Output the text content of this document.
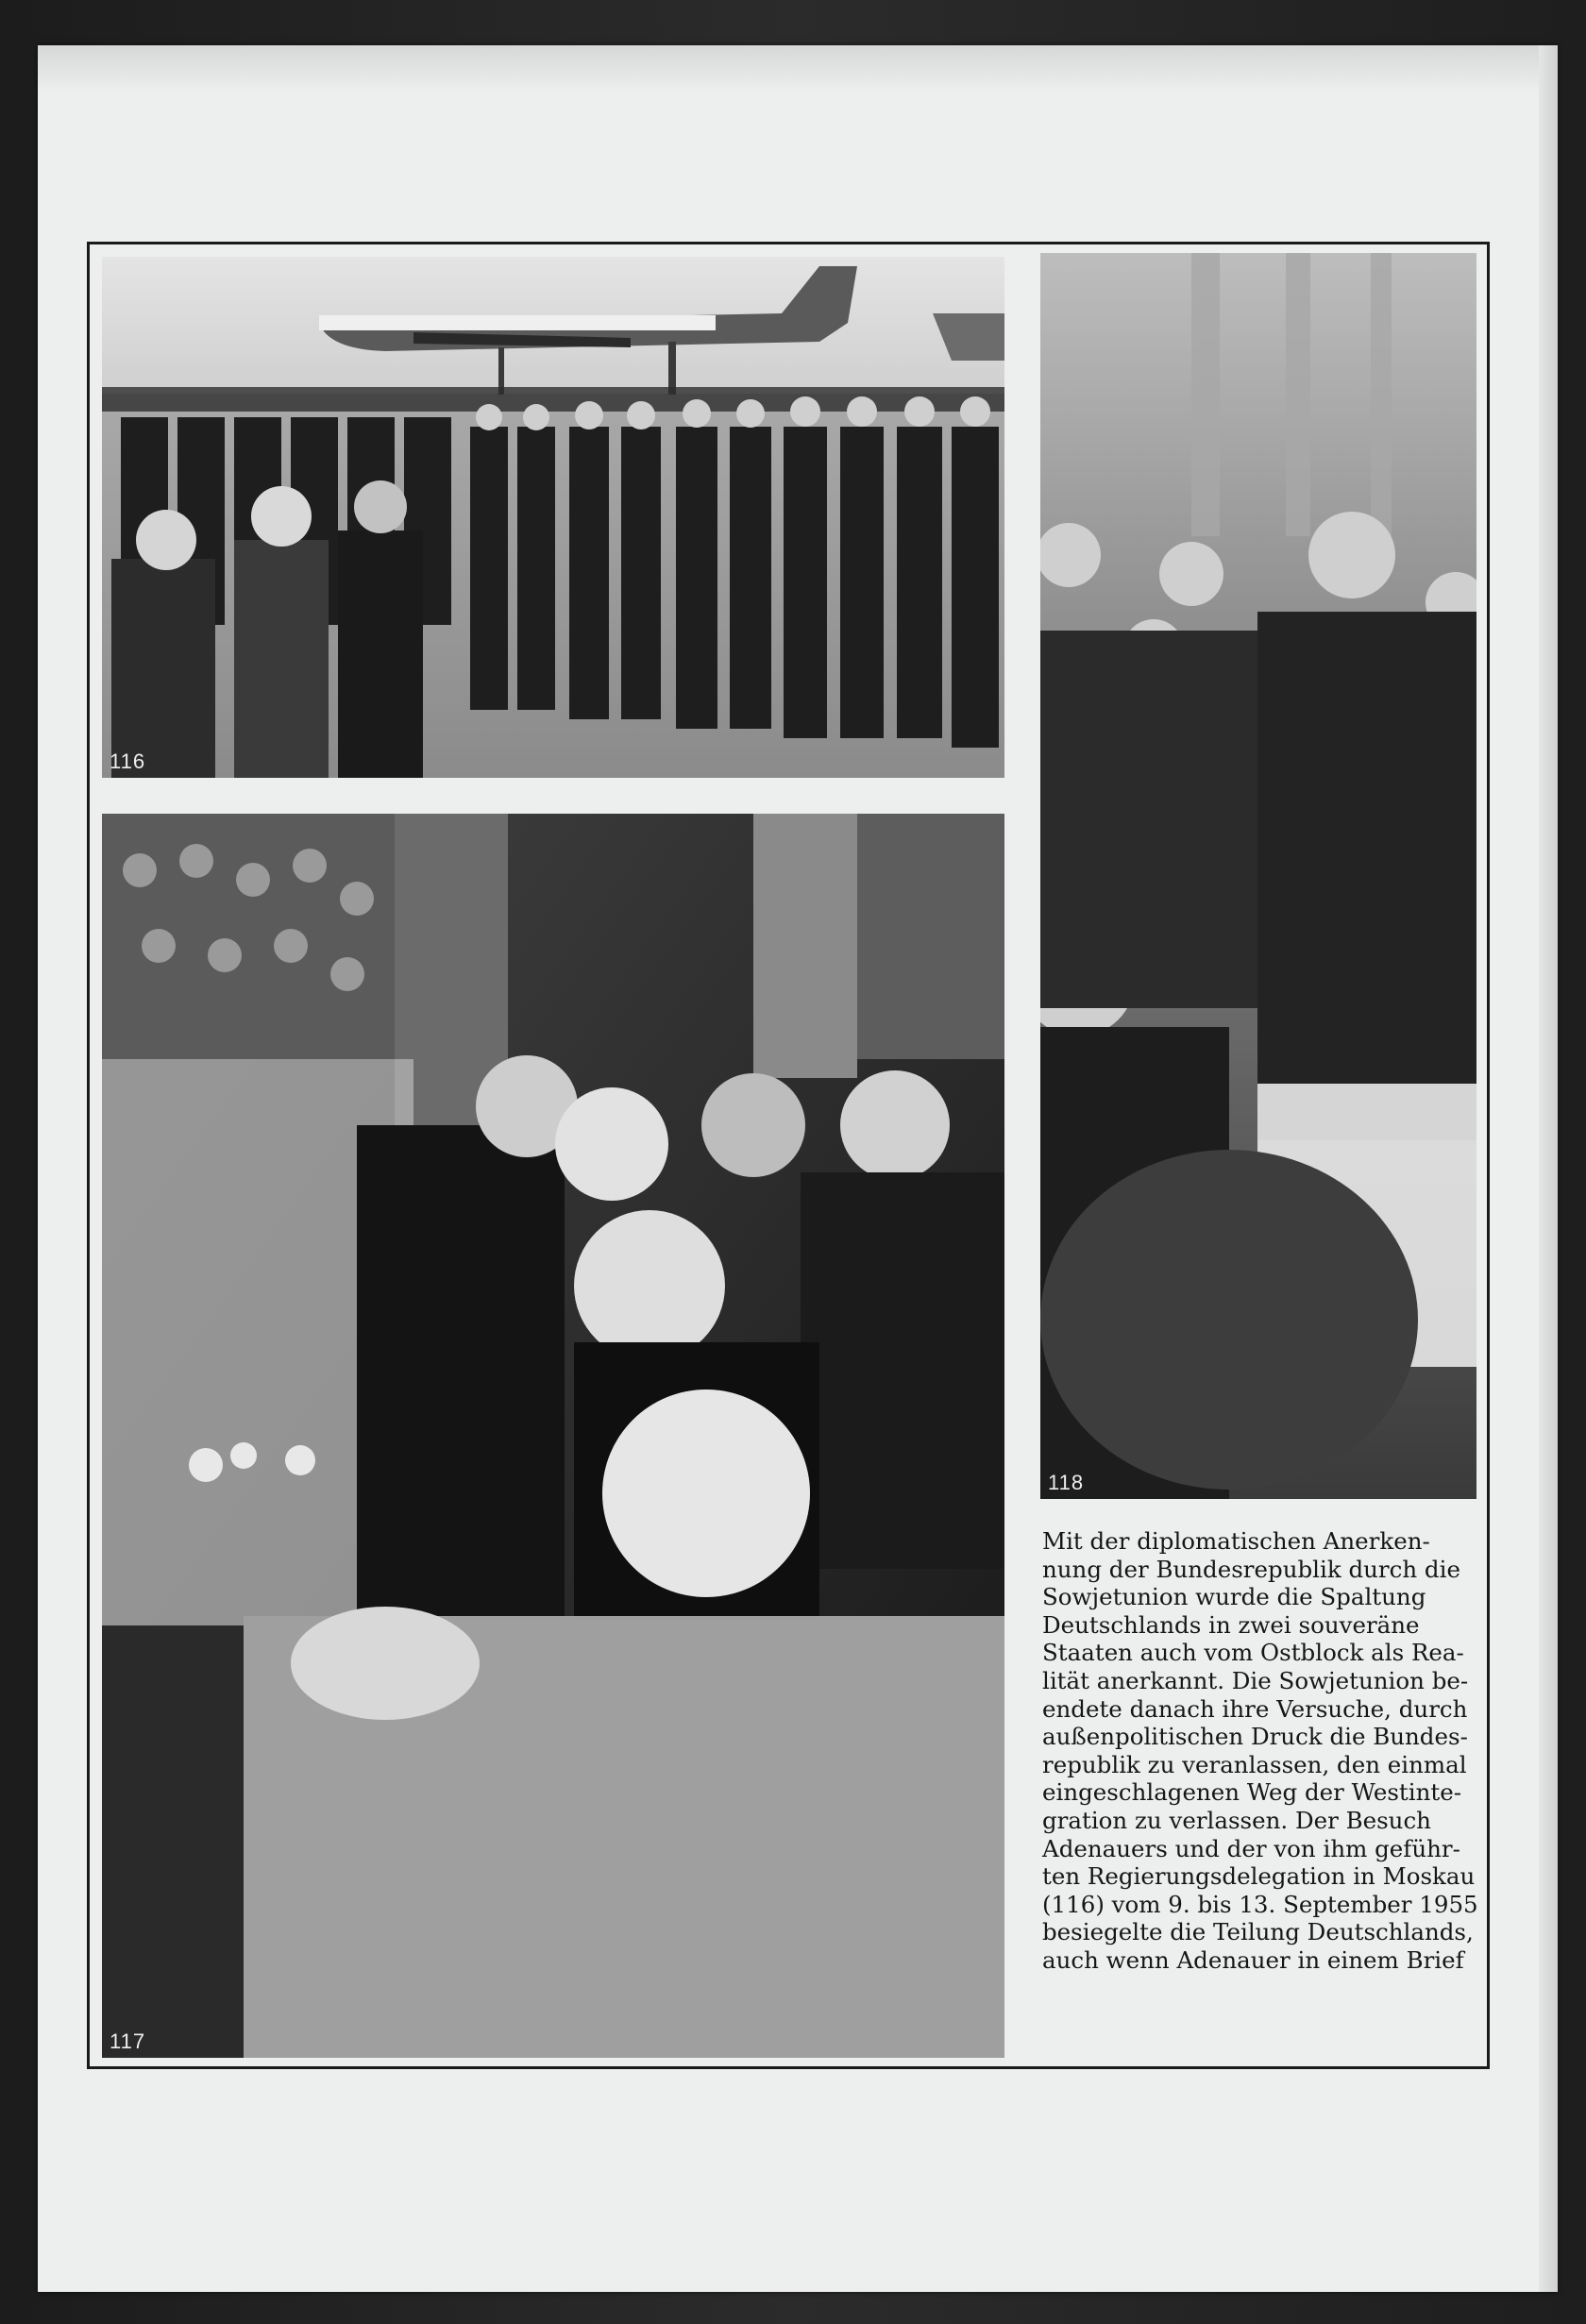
116
117
118

Mit der diplomatischen Anerken-
nung der Bundesrepublik durch die
Sowjetunion wurde die Spaltung
Deutschlands in zwei souveräne
Staaten auch vom Ostblock als Rea-
lität anerkannt. Die Sowjetunion be-
endete danach ihre Versuche, durch
außenpolitischen Druck die Bundes-
republik zu veranlassen, den einmal
eingeschlagenen Weg der Westinte-
gration zu verlassen. Der Besuch
Adenauers und der von ihm geführ-
ten Regierungsdelegation in Moskau
(116) vom 9. bis 13. September 1955
besiegelte die Teilung Deutschlands,
auch wenn Adenauer in einem Brief
